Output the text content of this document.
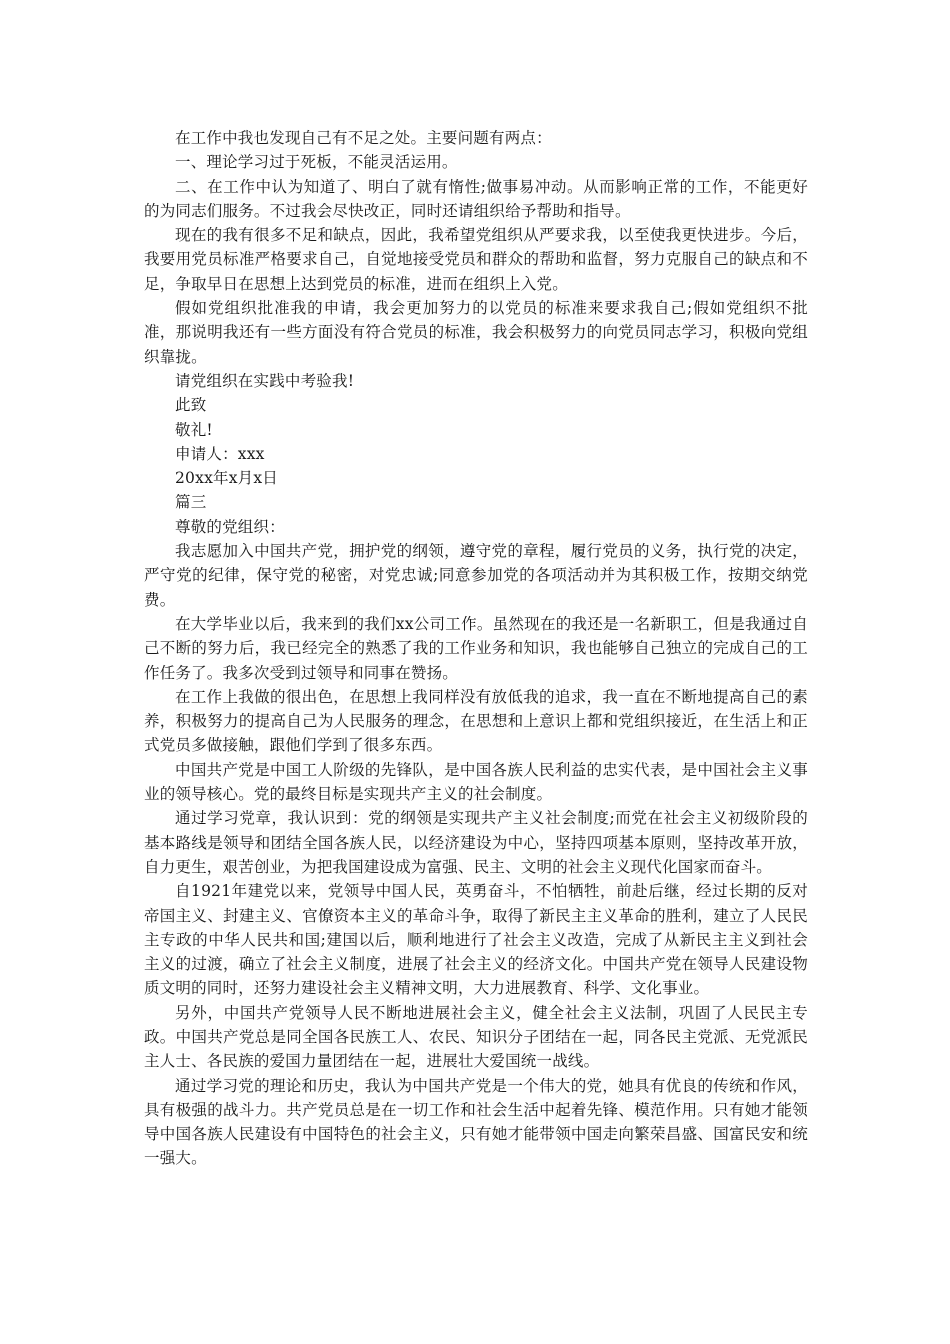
在工作中我也发现自己有不足之处。主要问题有两点：

一、理论学习过于死板，不能灵活运用。

二、在工作中认为知道了、明白了就有惰性;做事易冲动。从而影响正常的工作，不能更好的为同志们服务。不过我会尽快改正，同时还请组织给予帮助和指导。

现在的我有很多不足和缺点，因此，我希望党组织从严要求我，以至使我更快进步。今后，我要用党员标准严格要求自己，自觉地接受党员和群众的帮助和监督，努力克服自己的缺点和不足，争取早日在思想上达到党员的标准，进而在组织上入党。

假如党组织批准我的申请，我会更加努力的以党员的标准来要求我自己;假如党组织不批准，那说明我还有一些方面没有符合党员的标准，我会积极努力的向党员同志学习，积极向党组织靠拢。

请党组织在实践中考验我!

此致

敬礼!

申请人：xxx

20xx年x月x日

篇三

尊敬的党组织：

我志愿加入中国共产党，拥护党的纲领，遵守党的章程，履行党员的义务，执行党的决定，严守党的纪律，保守党的秘密，对党忠诚;同意参加党的各项活动并为其积极工作，按期交纳党费。

在大学毕业以后，我来到的我们xx公司工作。虽然现在的我还是一名新职工，但是我通过自己不断的努力后，我已经完全的熟悉了我的工作业务和知识，我也能够自己独立的完成自己的工作任务了。我多次受到过领导和同事在赞扬。

在工作上我做的很出色，在思想上我同样没有放低我的追求，我一直在不断地提高自己的素养，积极努力的提高自己为人民服务的理念，在思想和上意识上都和党组织接近，在生活上和正式党员多做接触，跟他们学到了很多东西。

中国共产党是中国工人阶级的先锋队，是中国各族人民利益的忠实代表，是中国社会主义事业的领导核心。党的最终目标是实现共产主义的社会制度。

通过学习党章，我认识到：党的纲领是实现共产主义社会制度;而党在社会主义初级阶段的基本路线是领导和团结全国各族人民，以经济建设为中心，坚持四项基本原则，坚持改革开放，自力更生，艰苦创业，为把我国建设成为富强、民主、文明的社会主义现代化国家而奋斗。

自1921年建党以来，党领导中国人民，英勇奋斗，不怕牺牲，前赴后继，经过长期的反对帝国主义、封建主义、官僚资本主义的革命斗争，取得了新民主主义革命的胜利，建立了人民民主专政的中华人民共和国;建国以后，顺利地进行了社会主义改造，完成了从新民主主义到社会主义的过渡，确立了社会主义制度，进展了社会主义的经济文化。中国共产党在领导人民建设物质文明的同时，还努力建设社会主义精神文明，大力进展教育、科学、文化事业。

另外，中国共产党领导人民不断地进展社会主义，健全社会主义法制，巩固了人民民主专政。中国共产党总是同全国各民族工人、农民、知识分子团结在一起，同各民主党派、无党派民主人士、各民族的爱国力量团结在一起，进展壮大爱国统一战线。

通过学习党的理论和历史，我认为中国共产党是一个伟大的党，她具有优良的传统和作风，具有极强的战斗力。共产党员总是在一切工作和社会生活中起着先锋、模范作用。只有她才能领导中国各族人民建设有中国特色的社会主义，只有她才能带领中国走向繁荣昌盛、国富民安和统一强大。
